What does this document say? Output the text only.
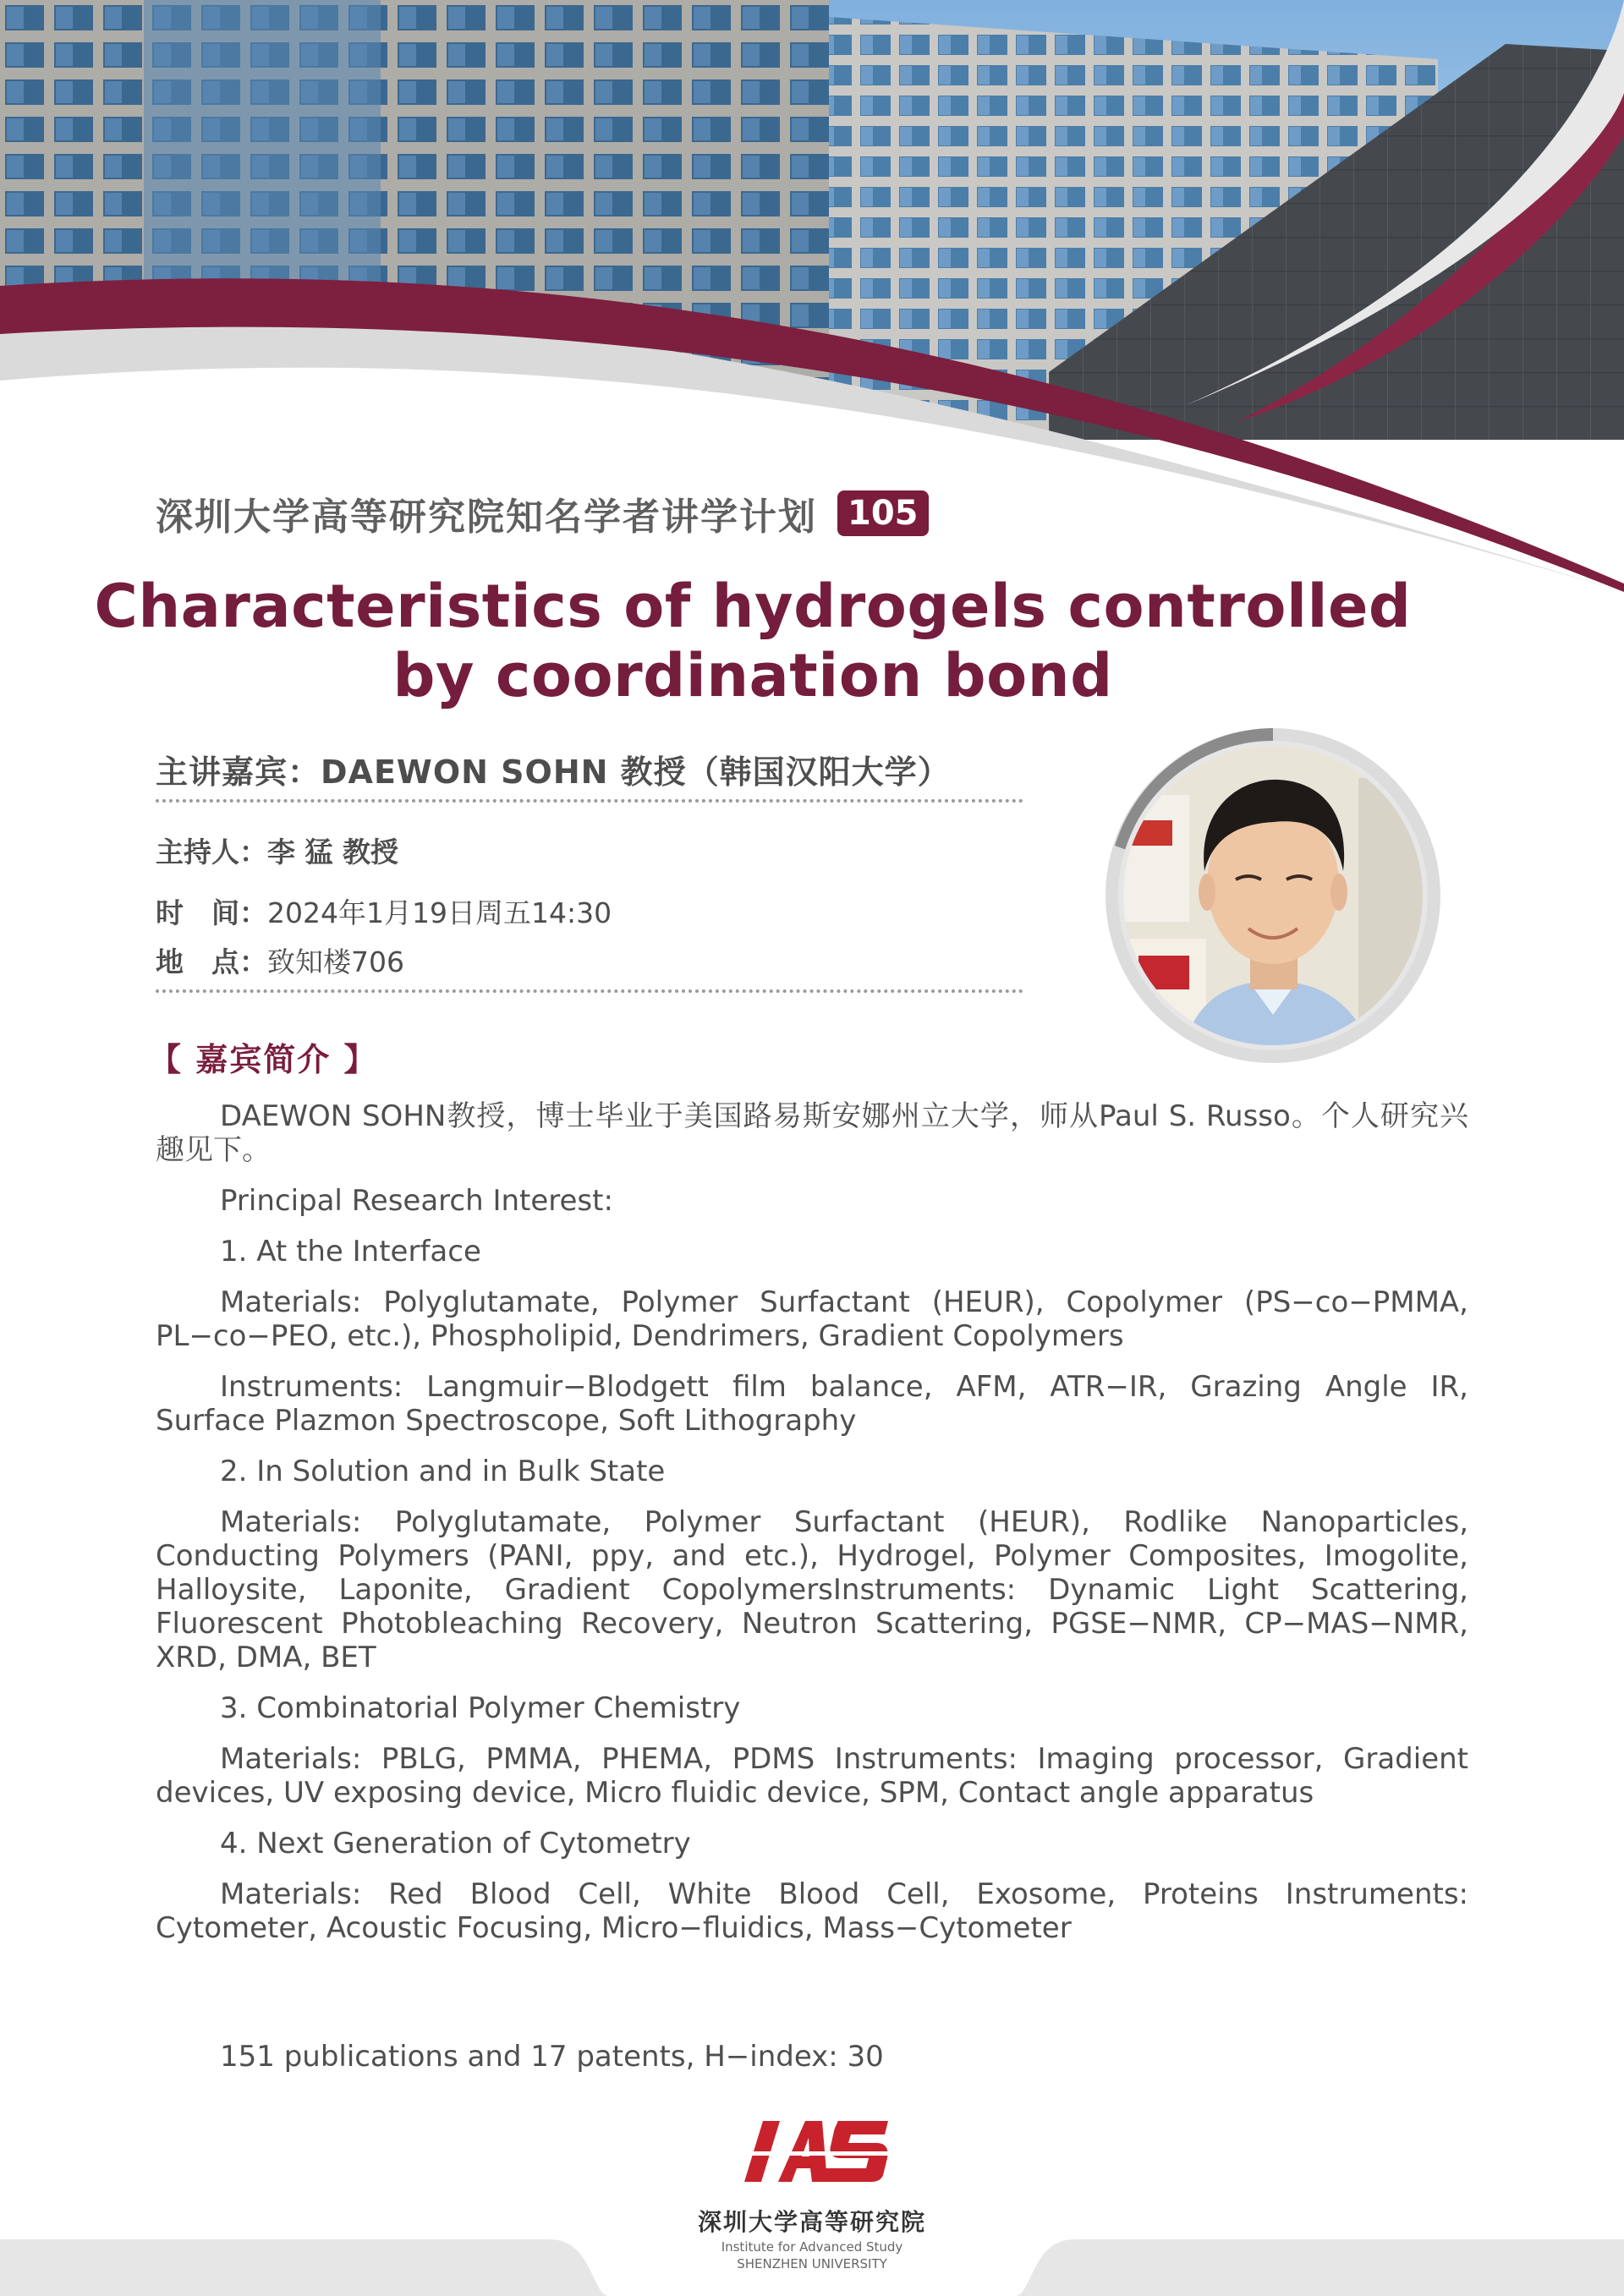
深圳大学高等研究院知名学者讲学计划 105
Characteristics of hydrogels controlled
by coordination bond
主讲嘉宾：DAEWON SOHN 教授（韩国汉阳大学）
主持人：李 猛 教授
时　间：2024年1月19日周五14:30
地　点：致知楼706
【 嘉宾简介 】

DAEWON SOHN教授，博士毕业于美国路易斯安娜州立大学，师从Paul S. Russo。个人研究兴趣见下。

Principal Research Interest:

1. At the Interface

Materials: Polyglutamate, Polymer Surfactant (HEUR), Copolymer (PS−co−PMMA, PL−co−PEO, etc.), Phospholipid, Dendrimers, Gradient Copolymers

Instruments: Langmuir−Blodgett film balance, AFM, ATR−IR, Grazing Angle IR, Surface Plazmon Spectroscope, Soft Lithography

2. In Solution and in Bulk State

Materials: Polyglutamate, Polymer Surfactant (HEUR), Rodlike Nanoparticles, Conducting Polymers (PANI, ppy, and etc.), Hydrogel, Polymer Composites, Imogolite, Halloysite, Laponite, Gradient CopolymersInstruments: Dynamic Light Scattering, Fluorescent Photobleaching Recovery, Neutron Scattering, PGSE−NMR, CP−MAS−NMR, XRD, DMA, BET

3. Combinatorial Polymer Chemistry

Materials: PBLG, PMMA, PHEMA, PDMS Instruments: Imaging processor, Gradient devices, UV exposing device, Micro fluidic device, SPM, Contact angle apparatus

4. Next Generation of Cytometry

Materials: Red Blood Cell, White Blood Cell, Exosome, Proteins Instruments: Cytometer, Acoustic Focusing, Micro−fluidics, Mass−Cytometer

151 publications and 17 patents, H−index: 30
深圳大学高等研究院
Institute for Advanced Study
SHENZHEN UNIVERSITY
